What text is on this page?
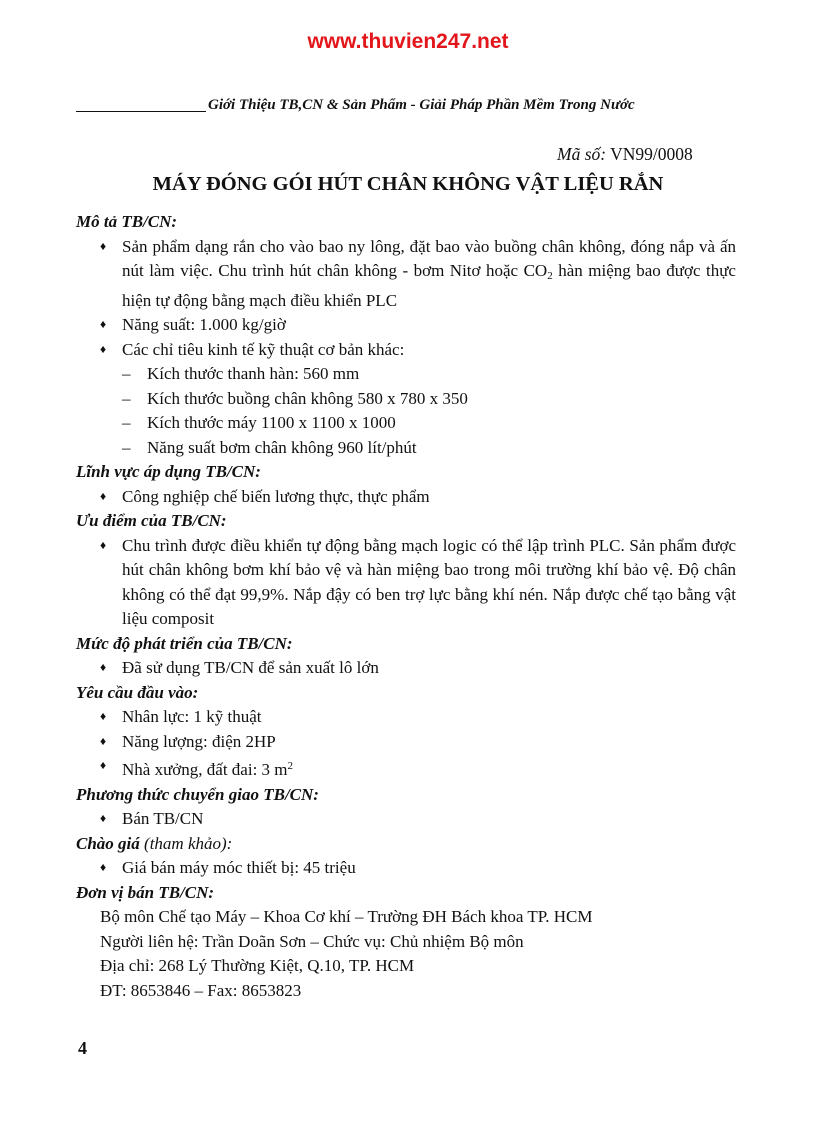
www.thuvien247.net
Giới Thiệu TB,CN & Sản Phẩm - Giải Pháp Phần Mềm Trong Nước
Mã số: VN99/0008
MÁY ĐÓNG GÓI HÚT CHÂN KHÔNG VẬT LIỆU RẮN

Mô tả TB/CN:

♦ Sản phẩm dạng rắn cho vào bao ny lông, đặt bao vào buồng chân không, đóng nắp và ấn nút làm việc. Chu trình hút chân không - bơm Nitơ hoặc CO2 hàn miệng bao được thực hiện tự động bằng mạch điều khiển PLC
♦ Năng suất: 1.000 kg/giờ
♦ Các chỉ tiêu kinh tế kỹ thuật cơ bản khác:
– Kích thước thanh hàn: 560 mm
– Kích thước buồng chân không 580 x 780 x 350
– Kích thước máy 1100 x 1100 x 1000
– Năng suất bơm chân không 960 lít/phút

Lĩnh vực áp dụng TB/CN:

♦ Công nghiệp chế biến lương thực, thực phẩm

Ưu điểm của TB/CN:

♦ Chu trình được điều khiển tự động bằng mạch logic có thể lập trình PLC. Sản phẩm được hút chân không bơm khí bảo vệ và hàn miệng bao trong môi trường khí bảo vệ. Độ chân không có thể đạt 99,9%. Nắp đậy có ben trợ lực bằng khí nén. Nắp được chế tạo bằng vật liệu composit

Mức độ phát triển của TB/CN:

♦ Đã sử dụng TB/CN để sản xuất lô lớn

Yêu cầu đầu vào:

♦ Nhân lực: 1 kỹ thuật
♦ Năng lượng: điện 2HP
♦ Nhà xưởng, đất đai: 3 $m^2$

Phương thức chuyển giao TB/CN:

♦ Bán TB/CN

Chào giá (tham khảo):

♦ Giá bán máy móc thiết bị: 45 triệu

Đơn vị bán TB/CN:

Bộ môn Chế tạo Máy – Khoa Cơ khí – Trường ĐH Bách khoa TP. HCM

Người liên hệ: Trần Doãn Sơn – Chức vụ: Chủ nhiệm Bộ môn

Địa chỉ: 268 Lý Thường Kiệt, Q.10, TP. HCM

ĐT: 8653846 – Fax: 8653823

4
